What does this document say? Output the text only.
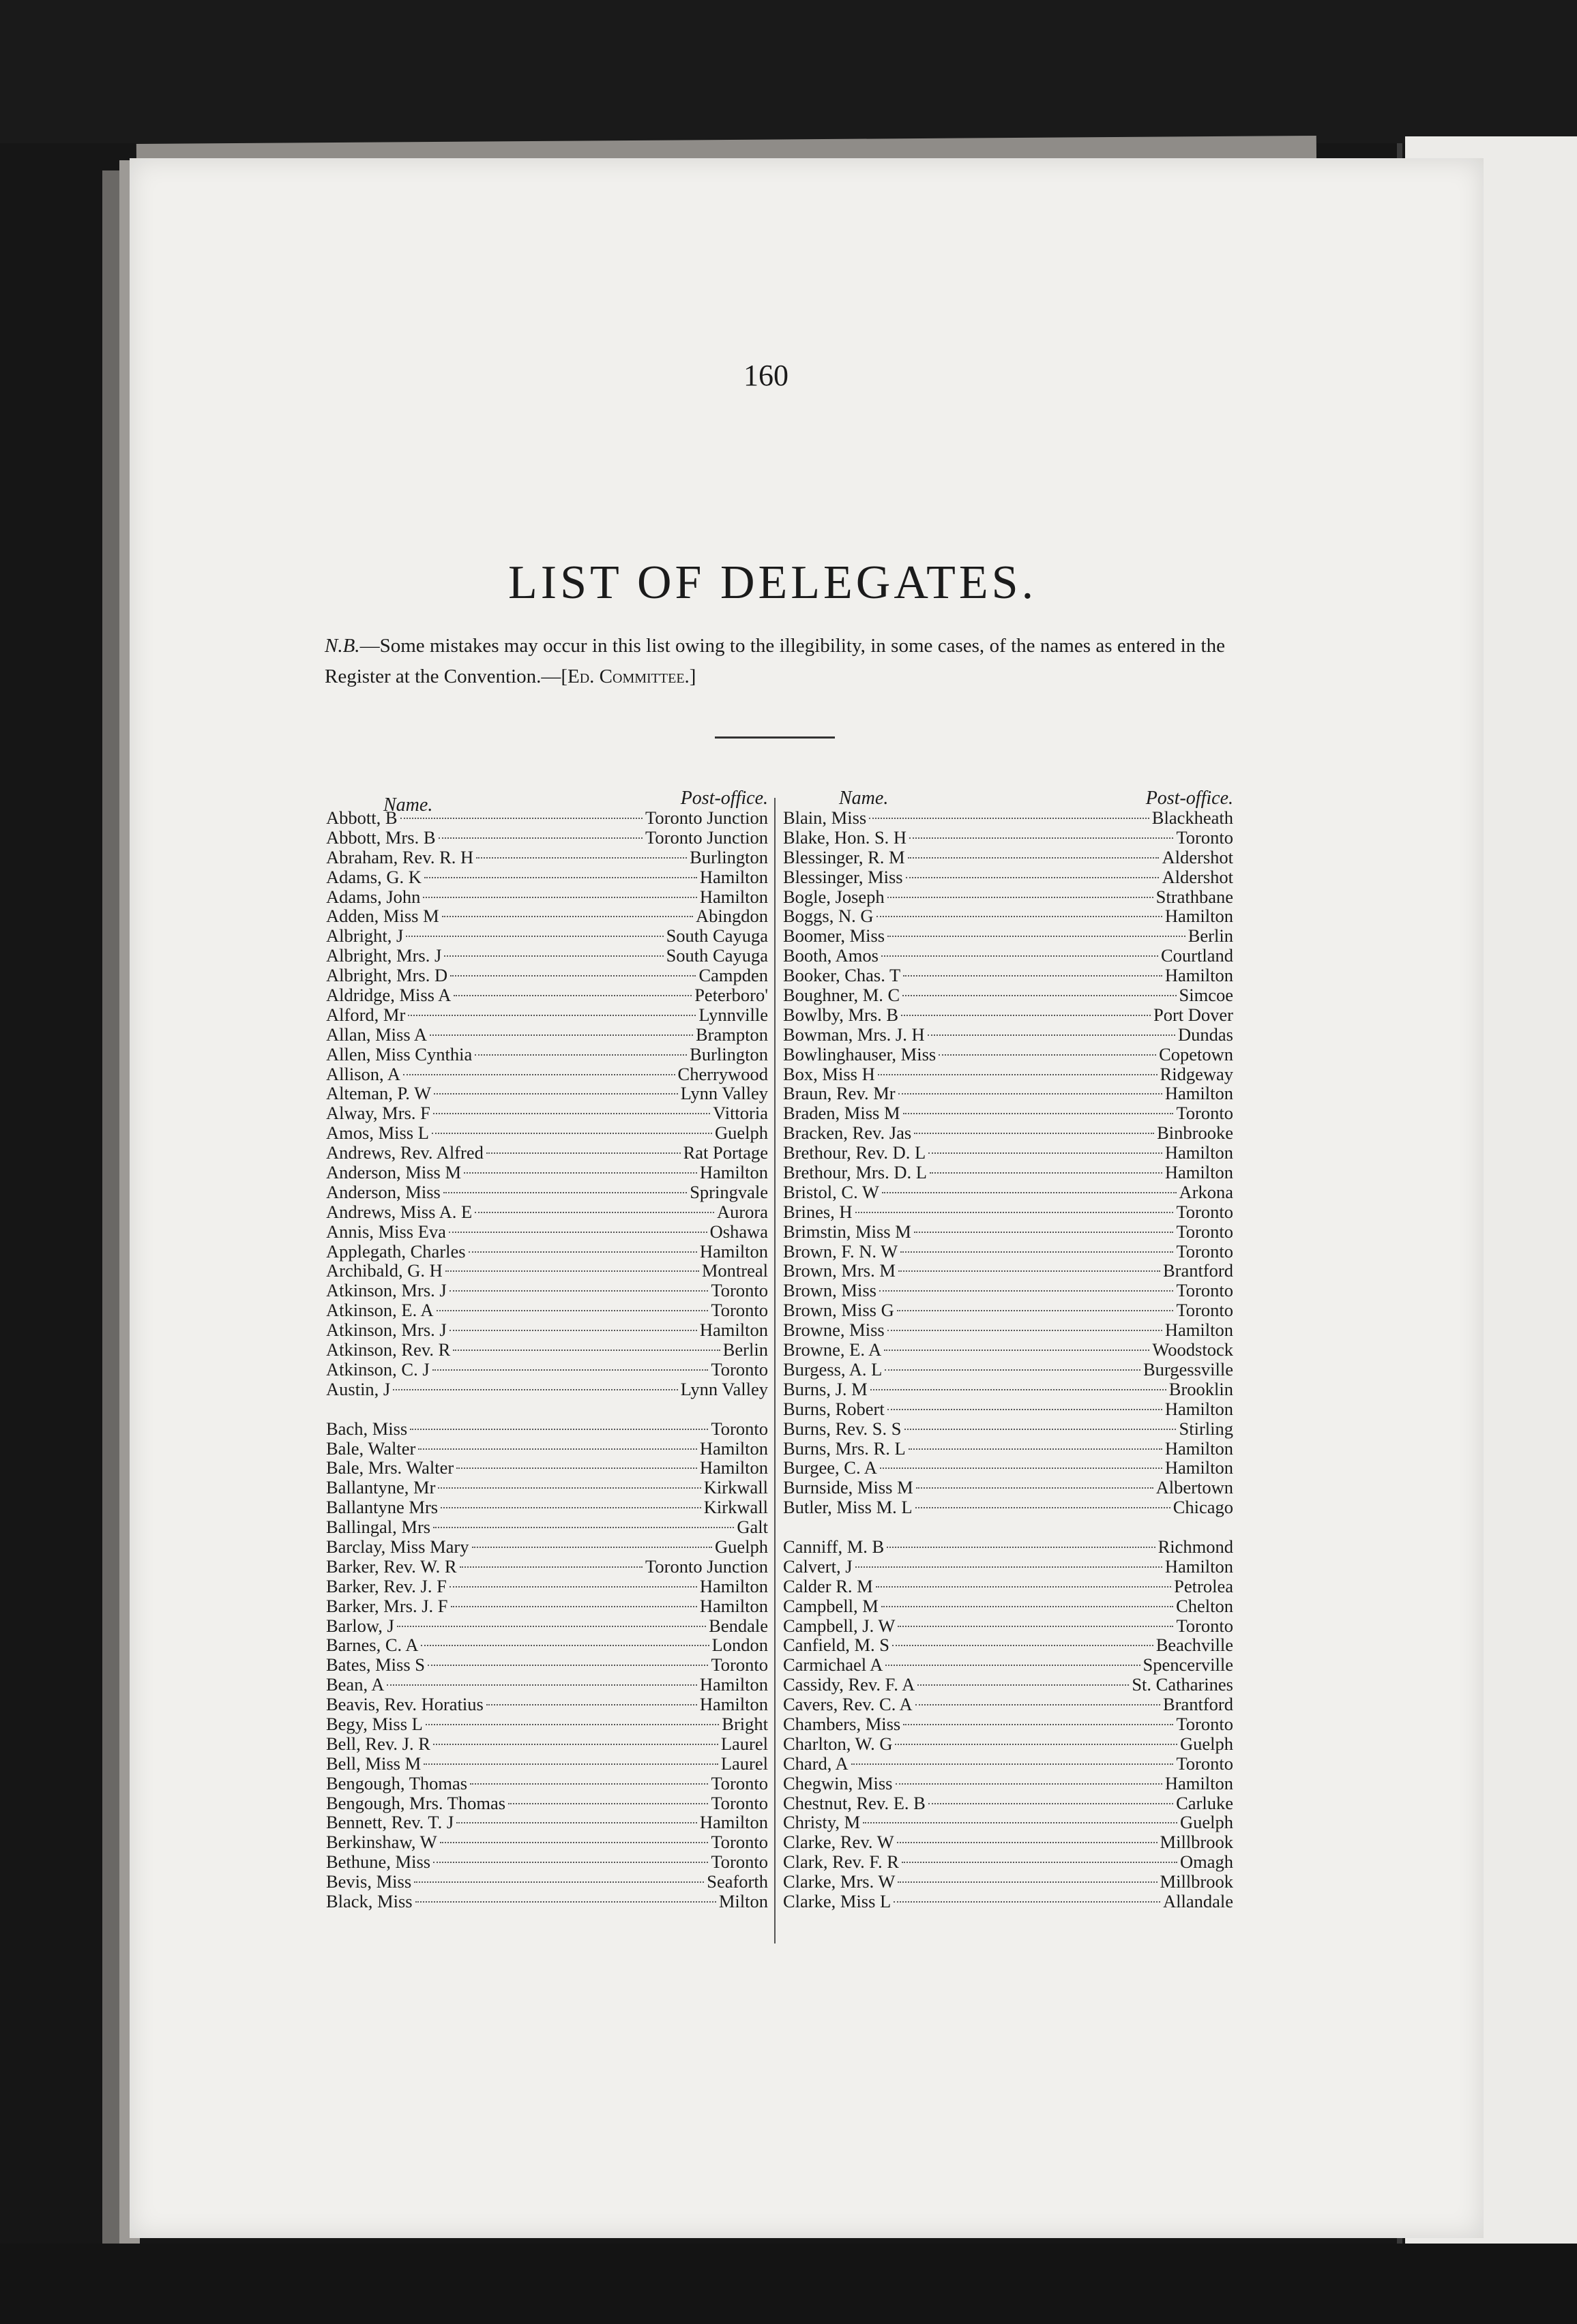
160
LIST OF DELEGATES.
N.B.—Some mistakes may occur in this list owing to the illegibility, in some cases, of the names as entered in the Register at the Convention.—[Ed. Committee.]
Name.	Post-office.
Abbott, B	Toronto Junction
Abbott, Mrs. B	Toronto Junction
Abraham, Rev. R. H	Burlington
Adams, G. K	Hamilton
Adams, John	Hamilton
Adden, Miss M	Abingdon
Albright, J	South Cayuga
Albright, Mrs. J	South Cayuga
Albright, Mrs. D	Campden
Aldridge, Miss A	Peterboro'
Alford, Mr	Lynnville
Allan, Miss A	Brampton
Allen, Miss Cynthia	Burlington
Allison, A	Cherrywood
Alteman, P. W	Lynn Valley
Alway, Mrs. F	Vittoria
Amos, Miss L	Guelph
Andrews, Rev. Alfred	Rat Portage
Anderson, Miss M	Hamilton
Anderson, Miss	Springvale
Andrews, Miss A. E	Aurora
Annis, Miss Eva	Oshawa
Applegath, Charles	Hamilton
Archibald, G. H	Montreal
Atkinson, Mrs. J	Toronto
Atkinson, E. A	Toronto
Atkinson, Mrs. J	Hamilton
Atkinson, Rev. R	Berlin
Atkinson, C. J	Toronto
Austin, J	Lynn Valley
Bach, Miss	Toronto
Bale, Walter	Hamilton
Bale, Mrs. Walter	Hamilton
Ballantyne, Mr	Kirkwall
Ballantyne Mrs	Kirkwall
Ballingal, Mrs	Galt
Barclay, Miss Mary	Guelph
Barker, Rev. W. R	Toronto Junction
Barker, Rev. J. F	Hamilton
Barker, Mrs. J. F	Hamilton
Barlow, J	Bendale
Barnes, C. A	London
Bates, Miss S	Toronto
Bean, A	Hamilton
Beavis, Rev. Horatius	Hamilton
Begy, Miss L	Bright
Bell, Rev. J. R	Laurel
Bell, Miss M	Laurel
Bengough, Thomas	Toronto
Bengough, Mrs. Thomas	Toronto
Bennett, Rev. T. J	Hamilton
Berkinshaw, W	Toronto
Bethune, Miss	Toronto
Bevis, Miss	Seaforth
Black, Miss	Milton
Name.	Post-office.
Blain, Miss	Blackheath
Blake, Hon. S. H	Toronto
Blessinger, R. M	Aldershot
Blessinger, Miss	Aldershot
Bogle, Joseph	Strathbane
Boggs, N. G	Hamilton
Boomer, Miss	Berlin
Booth, Amos	Courtland
Booker, Chas. T	Hamilton
Boughner, M. C	Simcoe
Bowlby, Mrs. B	Port Dover
Bowman, Mrs. J. H	Dundas
Bowlinghauser, Miss	Copetown
Box, Miss H	Ridgeway
Braun, Rev. Mr	Hamilton
Braden, Miss M	Toronto
Bracken, Rev. Jas	Binbrooke
Brethour, Rev. D. L	Hamilton
Brethour, Mrs. D. L	Hamilton
Bristol, C. W	Arkona
Brines, H	Toronto
Brimstin, Miss M	Toronto
Brown, F. N. W	Toronto
Brown, Mrs. M	Brantford
Brown, Miss	Toronto
Brown, Miss G	Toronto
Browne, Miss	Hamilton
Browne, E. A	Woodstock
Burgess, A. L	Burgessville
Burns, J. M	Brooklin
Burns, Robert	Hamilton
Burns, Rev. S. S	Stirling
Burns, Mrs. R. L	Hamilton
Burgee, C. A	Hamilton
Burnside, Miss M	Albertown
Butler, Miss M. L	Chicago
Canniff, M. B	Richmond
Calvert, J	Hamilton
Calder R. M	Petrolea
Campbell, M	Chelton
Campbell, J. W	Toronto
Canfield, M. S	Beachville
Carmichael A	Spencerville
Cassidy, Rev. F. A	St. Catharines
Cavers, Rev. C. A	Brantford
Chambers, Miss	Toronto
Charlton, W. G	Guelph
Chard, A	Toronto
Chegwin, Miss	Hamilton
Chestnut, Rev. E. B	Carluke
Christy, M	Guelph
Clarke, Rev. W	Millbrook
Clark, Rev. F. R	Omagh
Clarke, Mrs. W	Millbrook
Clarke, Miss L	Allandale
